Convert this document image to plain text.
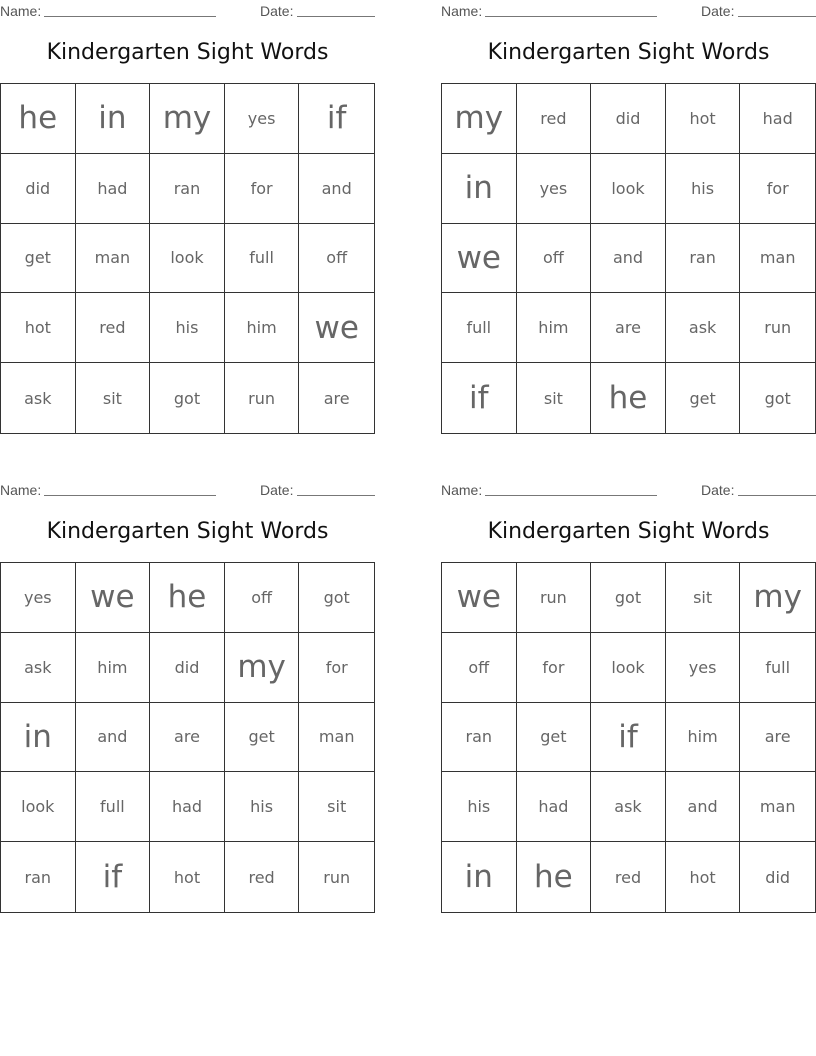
Name:	Date:
Kindergarten Sight Words
he	in	my	yes	if
did	had	ran	for	and
get	man	look	full	off
hot	red	his	him	we
ask	sit	got	run	are
Name:	Date:
Kindergarten Sight Words
my	red	did	hot	had
in	yes	look	his	for
we	off	and	ran	man
full	him	are	ask	run
if	sit	he	get	got
Name:	Date:
Kindergarten Sight Words
yes	we	he	off	got
ask	him	did	my	for
in	and	are	get	man
look	full	had	his	sit
ran	if	hot	red	run
Name:	Date:
Kindergarten Sight Words
we	run	got	sit	my
off	for	look	yes	full
ran	get	if	him	are
his	had	ask	and	man
in	he	red	hot	did
